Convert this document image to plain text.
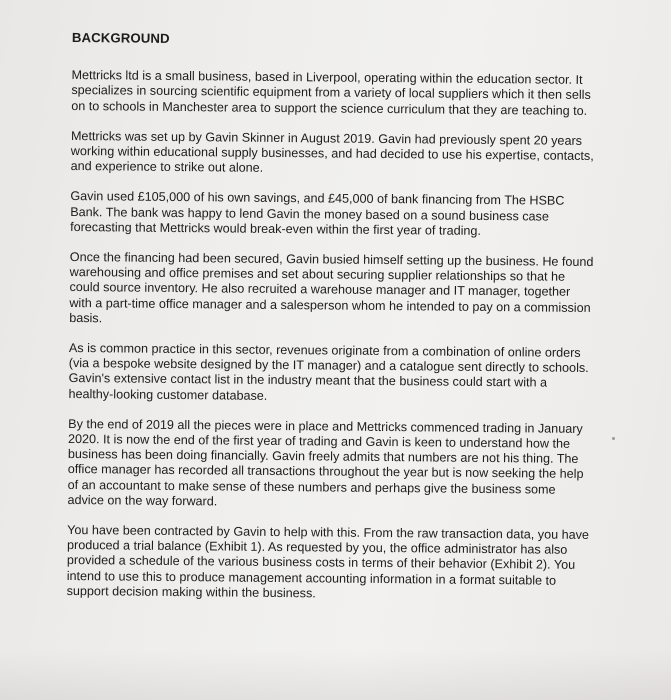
BACKGROUND

Mettricks ltd is a small business, based in Liverpool, operating within the education sector. It specializes in sourcing scientific equipment from a variety of local suppliers which it then sells on to schools in Manchester area to support the science curriculum that they are teaching to.

Mettricks was set up by Gavin Skinner in August 2019. Gavin had previously spent 20 years working within educational supply businesses, and had decided to use his expertise, contacts, and experience to strike out alone.

Gavin used £105,000 of his own savings, and £45,000 of bank financing from The HSBC Bank. The bank was happy to lend Gavin the money based on a sound business case forecasting that Mettricks would break-even within the first year of trading.

Once the financing had been secured, Gavin busied himself setting up the business. He found warehousing and office premises and set about securing supplier relationships so that he could source inventory. He also recruited a warehouse manager and IT manager, together with a part-time office manager and a salesperson whom he intended to pay on a commission basis.

As is common practice in this sector, revenues originate from a combination of online orders (via a bespoke website designed by the IT manager) and a catalogue sent directly to schools. Gavin's extensive contact list in the industry meant that the business could start with a healthy-looking customer database.

By the end of 2019 all the pieces were in place and Mettricks commenced trading in January 2020. It is now the end of the first year of trading and Gavin is keen to understand how the business has been doing financially. Gavin freely admits that numbers are not his thing. The office manager has recorded all transactions throughout the year but is now seeking the help of an accountant to make sense of these numbers and perhaps give the business some advice on the way forward.

You have been contracted by Gavin to help with this. From the raw transaction data, you have produced a trial balance (Exhibit 1). As requested by you, the office administrator has also provided a schedule of the various business costs in terms of their behavior (Exhibit 2). You intend to use this to produce management accounting information in a format suitable to support decision making within the business.
